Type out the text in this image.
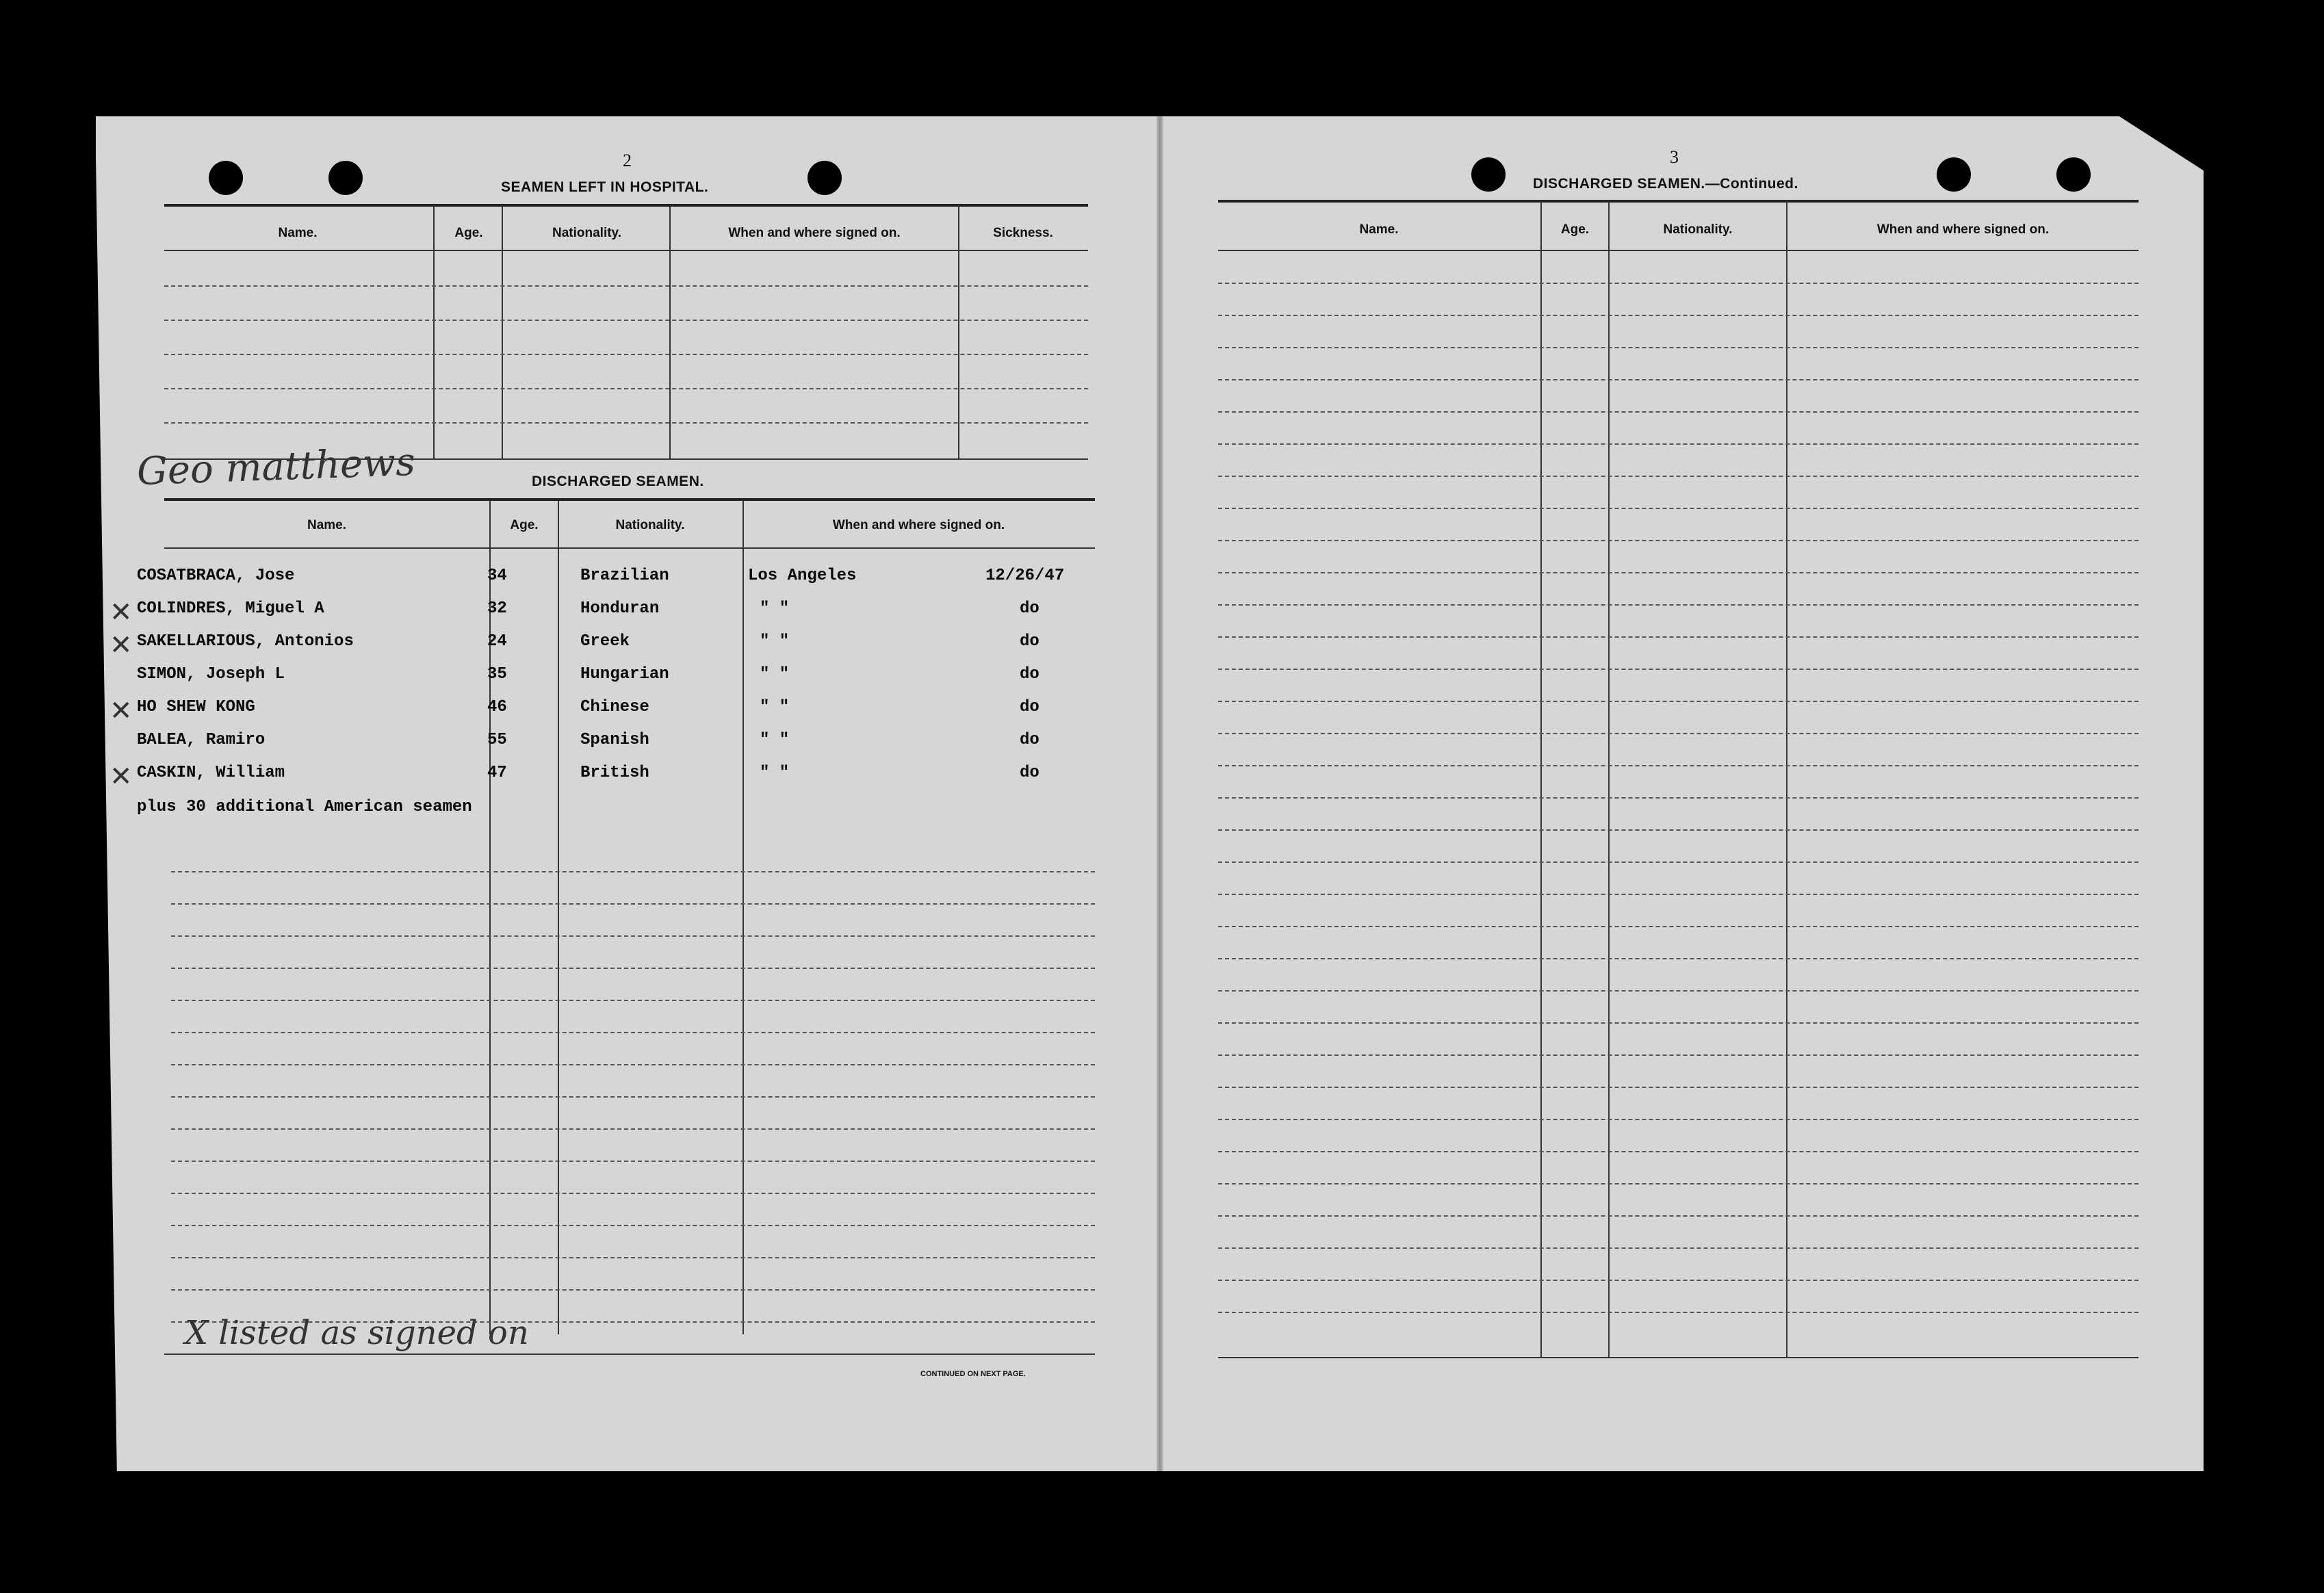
2
SEAMEN LEFT IN HOSPITAL.
Name.	Age.	Nationality.	When and where signed on.	Sickness.
Geo matthews	DISCHARGED SEAMEN.
Name.	Age.	Nationality.	When and where signed on.
COSATBRACA, Jose	34	Brazilian	Los Angeles	12/26/47
✕ COLINDRES, Miguel A	32	Honduran	" "	do
✕ SAKELLARIOUS, Antonios	24	Greek	" "	do
SIMON, Joseph L	35	Hungarian	" "	do
✕ HO SHEW KONG	46	Chinese	" "	do
BALEA, Ramiro	55	Spanish	" "	do
✕ CASKIN, William	47	British	" "	do
plus 30 additional American seamen
X listed as signed on
CONTINUED ON NEXT PAGE.
3
DISCHARGED SEAMEN.—Continued.
Name.	Age.	Nationality.	When and where signed on.
